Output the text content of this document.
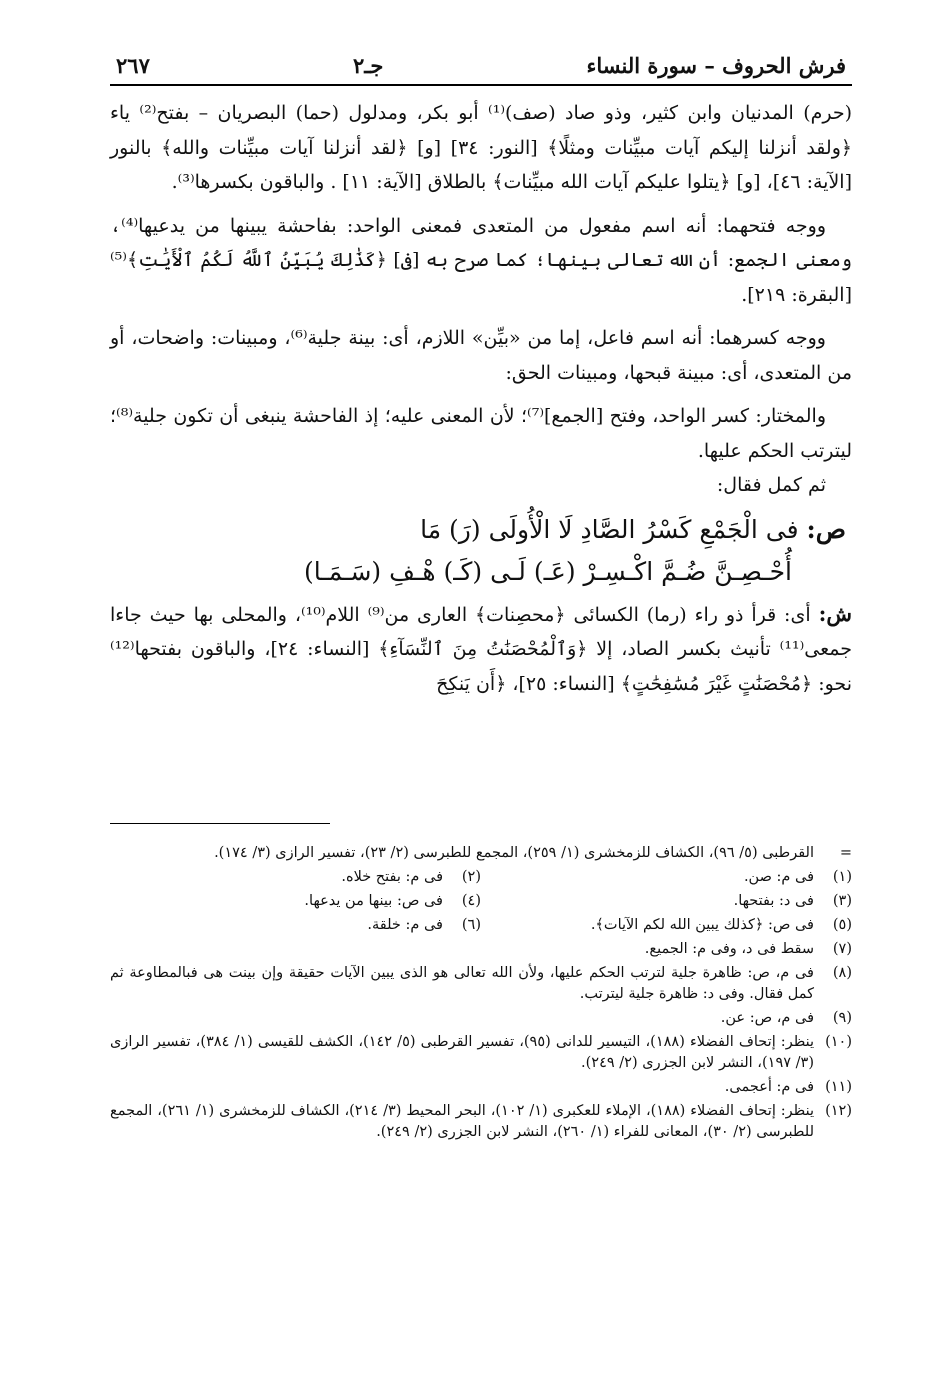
فرش الحروف – سورة النساء
جـ٢
٢٦٧

(حرم) المدنيان وابن كثير، وذو صاد (صف)⁽¹⁾ أبو بكر، ومدلول (حما) البصريان – بفتح⁽²⁾ ياء ﴿ولقد أنزلنا إليكم آيات مبيِّنات ومثلًا﴾ [النور: ٣٤] [و] ﴿لقد أنزلنا آيات مبيِّنات والله﴾ بالنور [الآية: ٤٦]، [و] ﴿يتلوا عليكم آيات الله مبيِّنات﴾ بالطلاق [الآية: ١١] . والباقون بكسرها⁽³⁾.

ووجه فتحهما: أنه اسم مفعول من المتعدى فمعنى الواحد: بفاحشة يبينها من يدعيها⁽⁴⁾، ومعنى الجمع: أن الله تعالى بينها؛ كما صرح به [فى] ﴿كَذَٰلِكَ يُبَيِّنُ ٱللَّهُ لَكُمُ ٱلْأَيَٰتِ﴾⁽⁵⁾ [البقرة: ٢١٩].

ووجه كسرهما: أنه اسم فاعل، إما من «بيِّن» اللازم، أى: بينة جلية⁽⁶⁾، ومبينات: واضحات، أو من المتعدى، أى: مبينة قبحها، ومبينات الحق:

والمختار: كسر الواحد، وفتح [الجمع]⁽⁷⁾؛ لأن المعنى عليه؛ إذ الفاحشة ينبغى أن تكون جلية⁽⁸⁾؛ ليترتب الحكم عليها.

ثم كمل فقال:

ص:فى الْجَمْعِ كَسْرُ الصَّادِ لَا الْأُولَى (رَ) مَا
أُحْـصِـنَّ ضُـمَّ اكْـسِـرْ (عَـ) لَـى (كَـ) هْـفِ (سَـمَـا)

ش:أى: قرأ ذو راء (رما) الكسائى ﴿محصِنات﴾ العارى من⁽⁹⁾ اللام⁽¹⁰⁾، والمحلى بها حيث جاءا جمعى⁽¹¹⁾ تأنيث بكسر الصاد، إلا ﴿وَٱلْمُحْصَنَٰتُ مِنَ ٱلنِّسَآءِ﴾ [النساء: ٢٤]، والباقون بفتحها⁽¹²⁾ نحو: ﴿مُحْصَنَٰتٍ غَيْرَ مُسَٰفِحَٰتٍ﴾ [النساء: ٢٥]، ﴿أَن يَنكِحَ

=
القرطبى (٥/ ٩٦)، الكشاف للزمخشرى (١/ ٢٥٩)، المجمع للطبرسى (٢/ ٢٣)، تفسير الرازى (٣/ ١٧٤).
(١)
فى م: صن.
(٢)
فى م: بفتح خلاه.
(٣)
فى د: بفتحها.
(٤)
فى ص: بينها من يدعها.
(٥)
فى ص: ﴿كذلك يبين الله لكم الآيات﴾.
(٦)
فى م: خلقة.
(٧)
سقط فى د، وفى م: الجميع.
(٨)
فى م، ص: ظاهرة جلية لترتب الحكم عليها، ولأن الله تعالى هو الذى يبين الآيات حقيقة وإن بينت هى فبالمطاوعة ثم كمل فقال. وفى د: ظاهرة جلية ليترتب.
(٩)
فى م، ص: عن.
(١٠)
ينظر: إتحاف الفضلاء (١٨٨)، التيسير للدانى (٩٥)، تفسير القرطبى (٥/ ١٤٢)، الكشف للقيسى (١/ ٣٨٤)، تفسير الرازى (٣/ ١٩٧)، النشر لابن الجزرى (٢/ ٢٤٩).
(١١)
فى م: أعجمى.
(١٢)
ينظر: إتحاف الفضلاء (١٨٨)، الإملاء للعكبرى (١/ ١٠٢)، البحر المحيط (٣/ ٢١٤)، الكشاف للزمخشرى (١/ ٢٦١)، المجمع للطبرسى (٢/ ٣٠)، المعانى للفراء (١/ ٢٦٠)، النشر لابن الجزرى (٢/ ٢٤٩).
